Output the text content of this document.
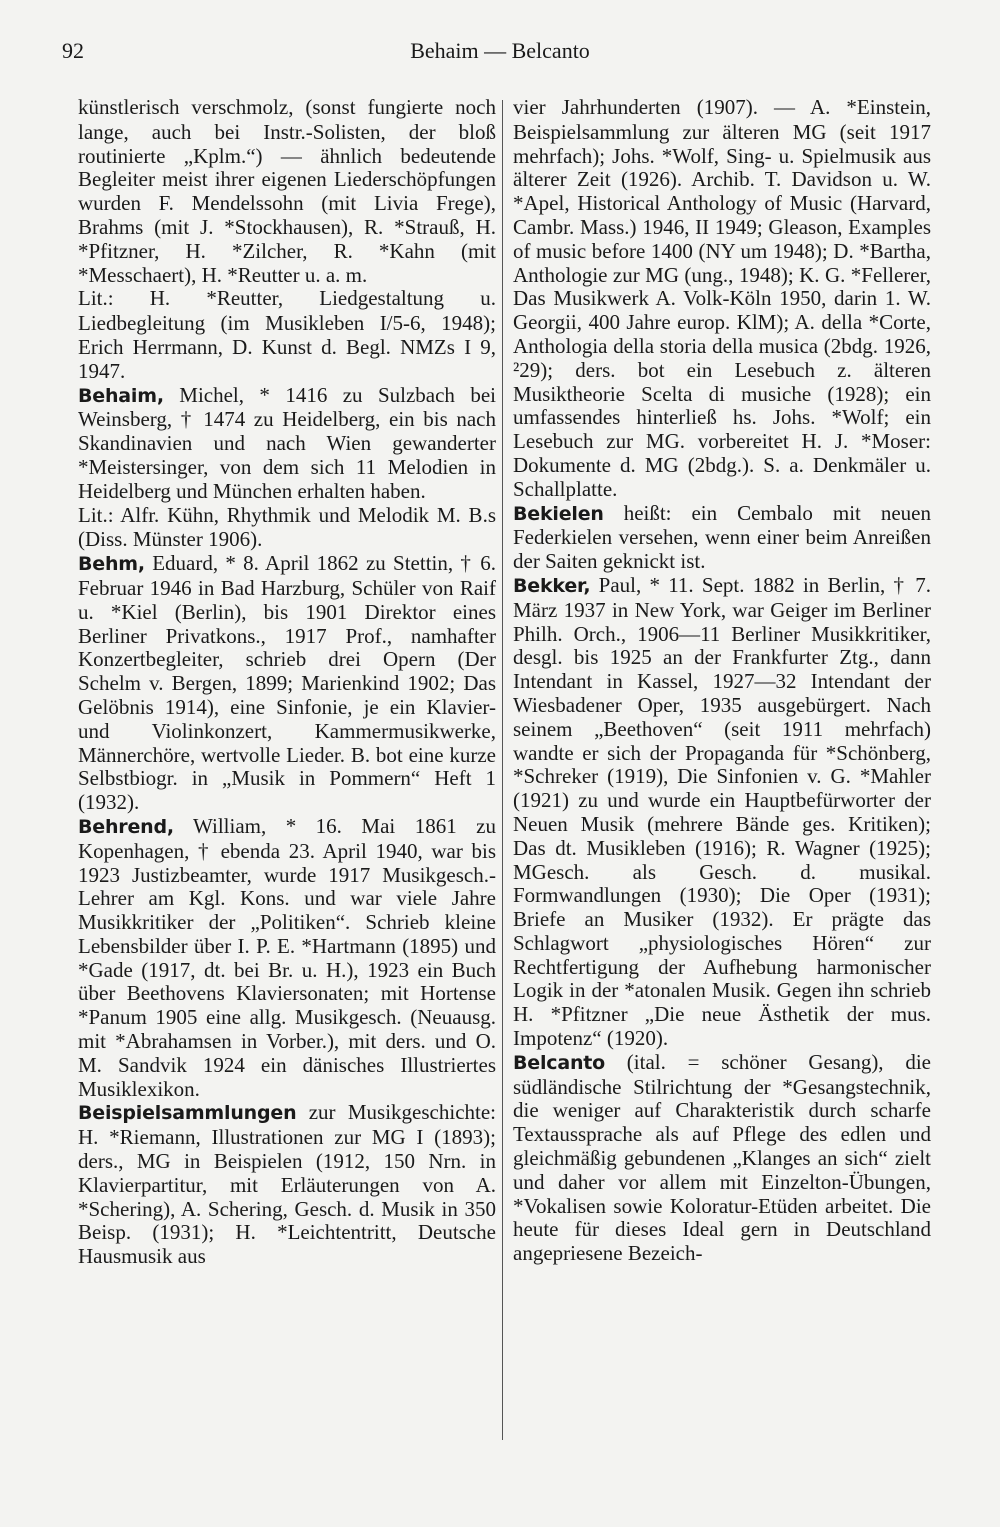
92	Behaim — Belcanto

künstlerisch verschmolz, (sonst fungierte noch lange, auch bei Instr.-Solisten, der bloß routinierte „Kplm.“) — ähnlich bedeutende Begleiter meist ihrer eigenen Liederschöpfungen wurden F. Mendelssohn (mit Livia Frege), Brahms (mit J. *Stockhausen), R. *Strauß, H. *Pfitzner, H. *Zilcher, R. *Kahn (mit *Messchaert), H. *Reutter u. a. m.

Lit.: H. *Reutter, Liedgestaltung u. Liedbegleitung (im Musikleben I/5-6, 1948); Erich Herrmann, D. Kunst d. Begl. NMZs I 9, 1947.

Behaim, Michel, * 1416 zu Sulzbach bei Weinsberg, † 1474 zu Heidelberg, ein bis nach Skandinavien und nach Wien gewanderter *Meistersinger, von dem sich 11 Melodien in Heidelberg und München erhalten haben.

Lit.: Alfr. Kühn, Rhythmik und Melodik M. B.s (Diss. Münster 1906).

Behm, Eduard, * 8. April 1862 zu Stettin, † 6. Februar 1946 in Bad Harzburg, Schüler von Raif u. *Kiel (Berlin), bis 1901 Direktor eines Berliner Privatkons., 1917 Prof., namhafter Konzertbegleiter, schrieb drei Opern (Der Schelm v. Bergen, 1899; Marienkind 1902; Das Gelöbnis 1914), eine Sinfonie, je ein Klavier- und Violinkonzert, Kammermusikwerke, Männerchöre, wertvolle Lieder. B. bot eine kurze Selbstbiogr. in „Musik in Pommern“ Heft 1 (1932).

Behrend, William, * 16. Mai 1861 zu Kopenhagen, † ebenda 23. April 1940, war bis 1923 Justizbeamter, wurde 1917 Musikgesch.-Lehrer am Kgl. Kons. und war viele Jahre Musikkritiker der „Politiken“. Schrieb kleine Lebensbilder über I. P. E. *Hartmann (1895) und *Gade (1917, dt. bei Br. u. H.), 1923 ein Buch über Beethovens Klaviersonaten; mit Hortense *Panum 1905 eine allg. Musikgesch. (Neuausg. mit *Abrahamsen in Vorber.), mit ders. und O. M. Sandvik 1924 ein dänisches Illustriertes Musiklexikon.

Beispielsammlungen zur Musikgeschichte: H. *Riemann, Illustrationen zur MG I (1893); ders., MG in Beispielen (1912, 150 Nrn. in Klavierpartitur, mit Erläuterungen von A. *Schering), A. Schering, Gesch. d. Musik in 350 Beisp. (1931); H. *Leichtentritt, Deutsche Hausmusik aus

vier Jahrhunderten (1907). — A. *Einstein, Beispielsammlung zur älteren MG (seit 1917 mehrfach); Johs. *Wolf, Sing- u. Spielmusik aus älterer Zeit (1926). Archib. T. Davidson u. W. *Apel, Historical Anthology of Music (Harvard, Cambr. Mass.) 1946, II 1949; Gleason, Examples of music before 1400 (NY um 1948); D. *Bartha, Anthologie zur MG (ung., 1948); K. G. *Fellerer, Das Musikwerk A. Volk-Köln 1950, darin 1. W. Georgii, 400 Jahre europ. KlM); A. della *Corte, Anthologia della storia della musica (2bdg. 1926, ²29); ders. bot ein Lesebuch z. älteren Musiktheorie Scelta di musiche (1928); ein umfassendes hinterließ hs. Johs. *Wolf; ein Lesebuch zur MG. vorbereitet H. J. *Moser: Dokumente d. MG (2bdg.). S. a. Denkmäler u. Schallplatte.

Bekielen heißt: ein Cembalo mit neuen Federkielen versehen, wenn einer beim Anreißen der Saiten geknickt ist.

Bekker, Paul, * 11. Sept. 1882 in Berlin, † 7. März 1937 in New York, war Geiger im Berliner Philh. Orch., 1906—11 Berliner Musikkritiker, desgl. bis 1925 an der Frankfurter Ztg., dann Intendant in Kassel, 1927—32 Intendant der Wiesbadener Oper, 1935 ausgebürgert. Nach seinem „Beethoven“ (seit 1911 mehrfach) wandte er sich der Propaganda für *Schönberg, *Schreker (1919), Die Sinfonien v. G. *Mahler (1921) zu und wurde ein Hauptbefürworter der Neuen Musik (mehrere Bände ges. Kritiken); Das dt. Musikleben (1916); R. Wagner (1925); MGesch. als Gesch. d. musikal. Formwandlungen (1930); Die Oper (1931); Briefe an Musiker (1932). Er prägte das Schlagwort „physiologisches Hören“ zur Rechtfertigung der Aufhebung harmonischer Logik in der *atonalen Musik. Gegen ihn schrieb H. *Pfitzner „Die neue Ästhetik der mus. Impotenz“ (1920).

Belcanto (ital. = schöner Gesang), die südländische Stilrichtung der *Gesangstechnik, die weniger auf Charakteristik durch scharfe Textaussprache als auf Pflege des edlen und gleichmäßig gebundenen „Klanges an sich“ zielt und daher vor allem mit Einzelton-Übungen, *Vokalisen sowie Koloratur-Etüden arbeitet. Die heute für dieses Ideal gern in Deutschland angepriesene Bezeich-
